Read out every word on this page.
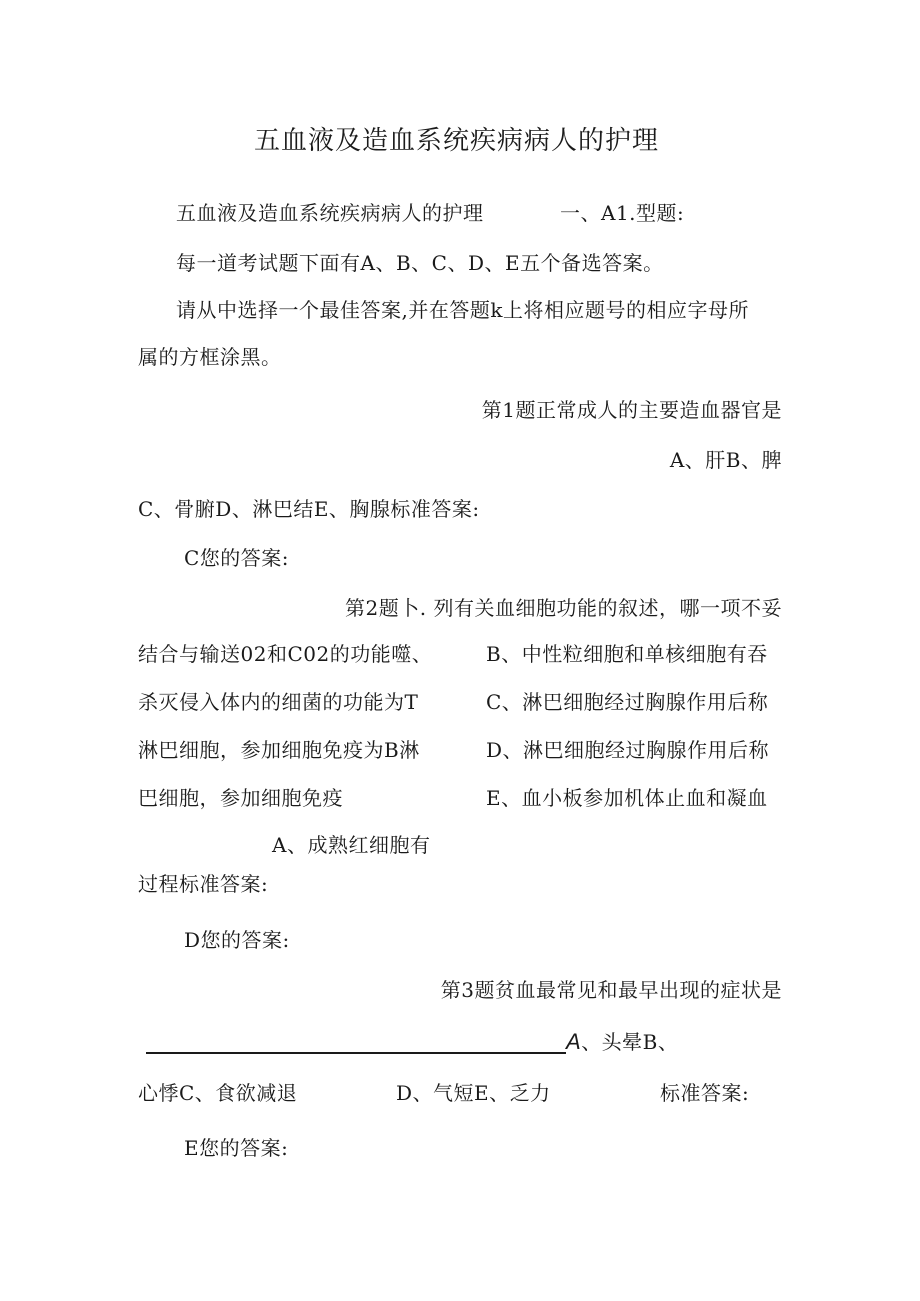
五血液及造血系统疾病病人的护理
五血液及造血系统疾病病人的护理	一、A1.型题:
每一道考试题下面有A、B、C、D、E五个备选答案。
请从中选择一个最佳答案,并在答题k上将相应题号的相应字母所
属的方框涂黑。
第1题正常成人的主要造血器官是
A、肝B、脾
C、骨腑D、淋巴结E、胸腺标准答案:
C您的答案:
第2题卜. 列有关血细胞功能的叙述，哪一项不妥
结合与输送02和C02的功能噬、
杀灭侵入体内的细菌的功能为T
淋巴细胞，参加细胞免疫为B淋
巴细胞，参加细胞免疫
B、中性粒细胞和单核细胞有吞
C、淋巴细胞经过胸腺作用后称
D、淋巴细胞经过胸腺作用后称
E、血小板参加机体止血和凝血
A、成熟红细胞有
过程标准答案:
D您的答案:
第3题贫血最常见和最早出现的症状是
A、头晕B、
心悸C、食欲减退	D、气短E、乏力	标准答案:
E您的答案:
